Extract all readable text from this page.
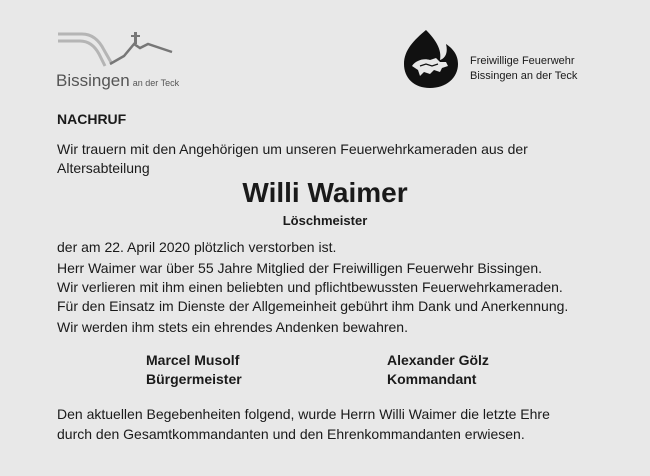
Bissingen an der Teck
Freiwillige Feuerwehr
Bissingen an der Teck
NACHRUF
Wir trauern mit den Angehörigen um unseren Feuerwehrkameraden aus der
Altersabteilung
Willi Waimer
Löschmeister
der am 22. April 2020 plötzlich verstorben ist.
Herr Waimer war über 55 Jahre Mitglied der Freiwilligen Feuerwehr Bissingen.
Wir verlieren mit ihm einen beliebten und pflichtbewussten Feuerwehrkameraden.
Für den Einsatz im Dienste der Allgemeinheit gebührt ihm Dank und Anerkennung.
Wir werden ihm stets ein ehrendes Andenken bewahren.
Marcel Musolf
Bürgermeister
Alexander Gölz
Kommandant
Den aktuellen Begebenheiten folgend, wurde Herrn Willi Waimer die letzte Ehre
durch den Gesamtkommandanten und den Ehrenkommandanten erwiesen.
